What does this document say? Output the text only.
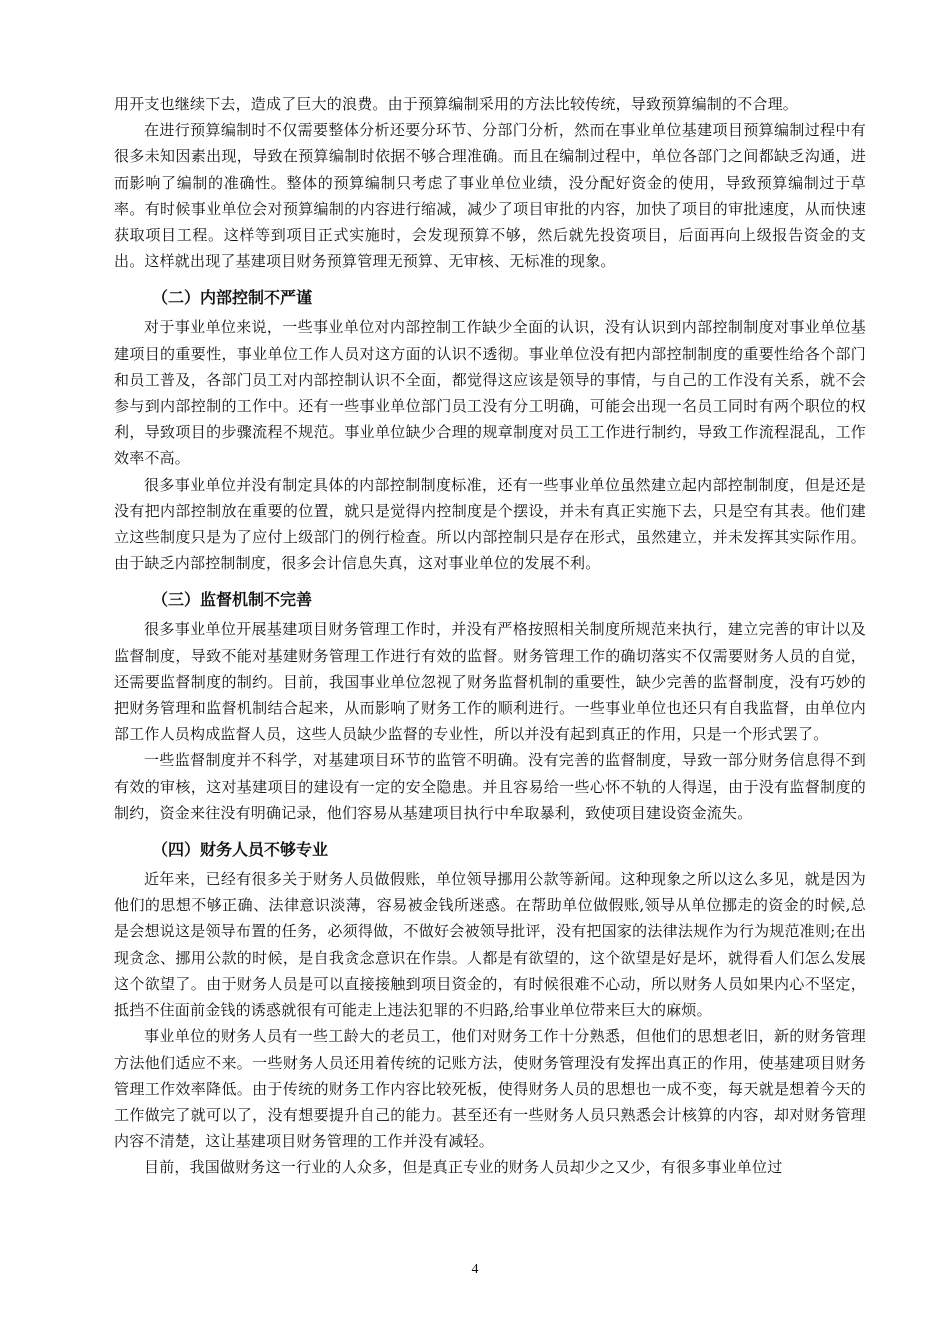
用开支也继续下去，造成了巨大的浪费。由于预算编制采用的方法比较传统，导致预算编制的不合理。

在进行预算编制时不仅需要整体分析还要分环节、分部门分析，然而在事业单位基建项目预算编制过程中有很多未知因素出现，导致在预算编制时依据不够合理准确。而且在编制过程中，单位各部门之间都缺乏沟通，进而影响了编制的准确性。整体的预算编制只考虑了事业单位业绩，没分配好资金的使用，导致预算编制过于草率。有时候事业单位会对预算编制的内容进行缩减，减少了项目审批的内容，加快了项目的审批速度，从而快速获取项目工程。这样等到项目正式实施时，会发现预算不够，然后就先投资项目，后面再向上级报告资金的支出。这样就出现了基建项目财务预算管理无预算、无审核、无标准的现象。

（二）内部控制不严谨

对于事业单位来说，一些事业单位对内部控制工作缺少全面的认识，没有认识到内部控制制度对事业单位基建项目的重要性，事业单位工作人员对这方面的认识不透彻。事业单位没有把内部控制制度的重要性给各个部门和员工普及，各部门员工对内部控制认识不全面，都觉得这应该是领导的事情，与自己的工作没有关系，就不会参与到内部控制的工作中。还有一些事业单位部门员工没有分工明确，可能会出现一名员工同时有两个职位的权利，导致项目的步骤流程不规范。事业单位缺少合理的规章制度对员工工作进行制约，导致工作流程混乱，工作效率不高。

很多事业单位并没有制定具体的内部控制制度标准，还有一些事业单位虽然建立起内部控制制度，但是还是没有把内部控制放在重要的位置，就只是觉得内控制度是个摆设，并未有真正实施下去，只是空有其表。他们建立这些制度只是为了应付上级部门的例行检查。所以内部控制只是存在形式，虽然建立，并未发挥其实际作用。由于缺乏内部控制制度，很多会计信息失真，这对事业单位的发展不利。

（三）监督机制不完善

很多事业单位开展基建项目财务管理工作时，并没有严格按照相关制度所规范来执行，建立完善的审计以及监督制度，导致不能对基建财务管理工作进行有效的监督。财务管理工作的确切落实不仅需要财务人员的自觉，还需要监督制度的制约。目前，我国事业单位忽视了财务监督机制的重要性，缺少完善的监督制度，没有巧妙的把财务管理和监督机制结合起来，从而影响了财务工作的顺利进行。一些事业单位也还只有自我监督，由单位内部工作人员构成监督人员，这些人员缺少监督的专业性，所以并没有起到真正的作用，只是一个形式罢了。

一些监督制度并不科学，对基建项目环节的监管不明确。没有完善的监督制度，导致一部分财务信息得不到有效的审核，这对基建项目的建设有一定的安全隐患。并且容易给一些心怀不轨的人得逞，由于没有监督制度的制约，资金来往没有明确记录，他们容易从基建项目执行中牟取暴利，致使项目建设资金流失。

（四）财务人员不够专业

近年来，已经有很多关于财务人员做假账，单位领导挪用公款等新闻。这种现象之所以这么多见，就是因为他们的思想不够正确、法律意识淡薄，容易被金钱所迷惑。在帮助单位做假账,领导从单位挪走的资金的时候,总是会想说这是领导布置的任务，必须得做，不做好会被领导批评，没有把国家的法律法规作为行为规范准则;在出现贪念、挪用公款的时候，是自我贪念意识在作祟。人都是有欲望的，这个欲望是好是坏，就得看人们怎么发展这个欲望了。由于财务人员是可以直接接触到项目资金的，有时候很难不心动，所以财务人员如果内心不坚定，抵挡不住面前金钱的诱惑就很有可能走上违法犯罪的不归路,给事业单位带来巨大的麻烦。

事业单位的财务人员有一些工龄大的老员工，他们对财务工作十分熟悉，但他们的思想老旧，新的财务管理方法他们适应不来。一些财务人员还用着传统的记账方法，使财务管理没有发挥出真正的作用，使基建项目财务管理工作效率降低。由于传统的财务工作内容比较死板，使得财务人员的思想也一成不变，每天就是想着今天的工作做完了就可以了，没有想要提升自己的能力。甚至还有一些财务人员只熟悉会计核算的内容，却对财务管理内容不清楚，这让基建项目财务管理的工作并没有减轻。

目前，我国做财务这一行业的人众多，但是真正专业的财务人员却少之又少，有很多事业单位过

4
